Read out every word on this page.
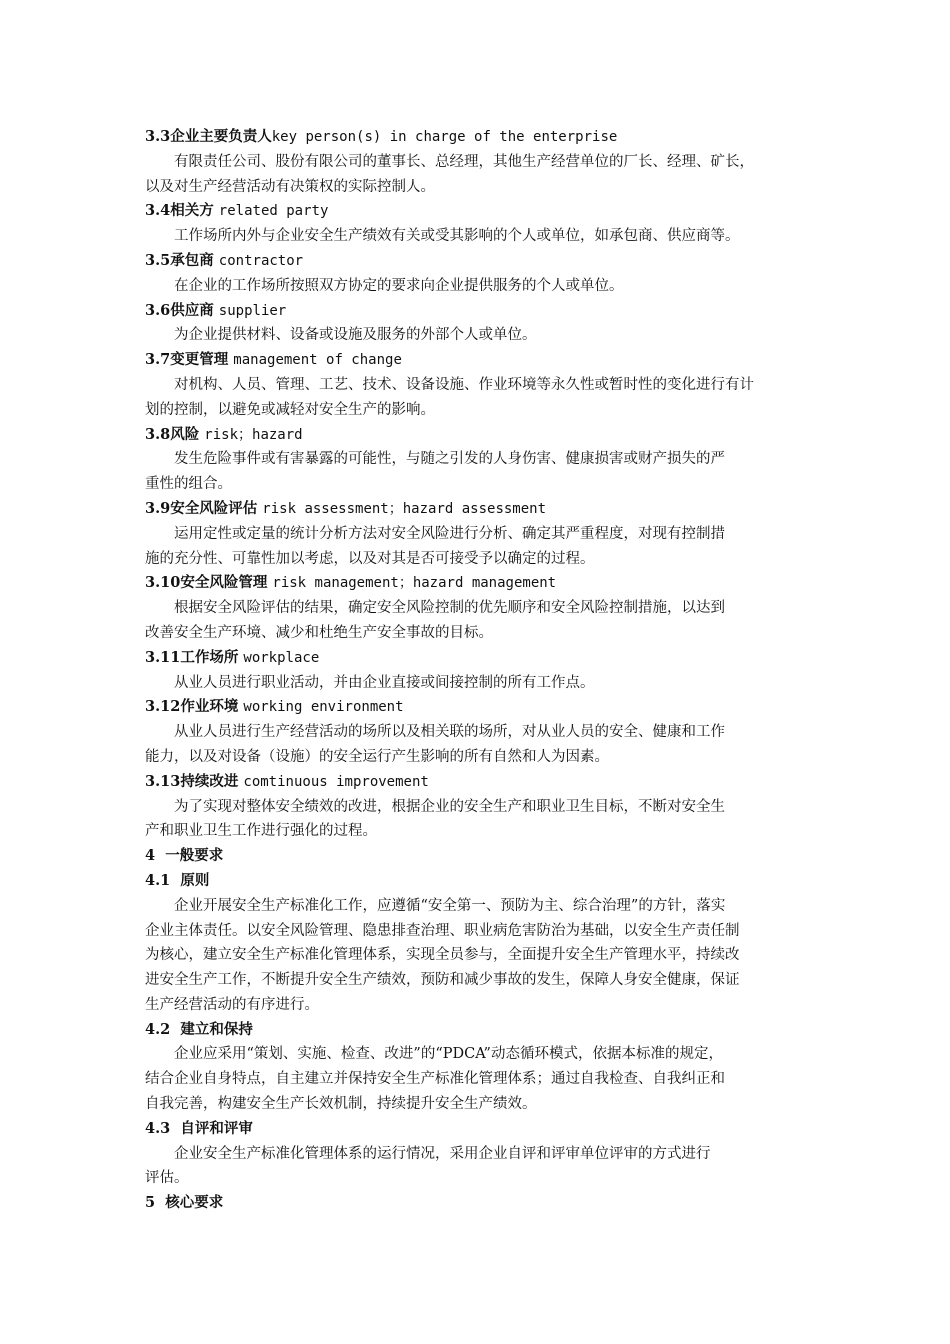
3.3企业主要负责人key person(s) in charge of the enterprise
有限责任公司、股份有限公司的董事长、总经理，其他生产经营单位的厂长、经理、矿长，
以及对生产经营活动有决策权的实际控制人。
3.4相关方 related party
工作场所内外与企业安全生产绩效有关或受其影响的个人或单位，如承包商、供应商等。
3.5承包商 contractor
在企业的工作场所按照双方协定的要求向企业提供服务的个人或单位。
3.6供应商 supplier
为企业提供材料、设备或设施及服务的外部个人或单位。
3.7变更管理 management of change
对机构、人员、管理、工艺、技术、设备设施、作业环境等永久性或暂时性的变化进行有计
划的控制，以避免或减轻对安全生产的影响。
3.8风险 risk；hazard
发生危险事件或有害暴露的可能性，与随之引发的人身伤害、健康损害或财产损失的严
重性的组合。
3.9安全风险评估 risk assessment；hazard assessment
运用定性或定量的统计分析方法对安全风险进行分析、确定其严重程度，对现有控制措
施的充分性、可靠性加以考虑，以及对其是否可接受予以确定的过程。
3.10安全风险管理 risk management；hazard management
根据安全风险评估的结果，确定安全风险控制的优先顺序和安全风险控制措施，以达到
改善安全生产环境、减少和杜绝生产安全事故的目标。
3.11工作场所 workplace
从业人员进行职业活动，并由企业直接或间接控制的所有工作点。
3.12作业环境 working environment
从业人员进行生产经营活动的场所以及相关联的场所，对从业人员的安全、健康和工作
能力，以及对设备（设施）的安全运行产生影响的所有自然和人为因素。
3.13持续改进 comtinuous improvement
为了实现对整体安全绩效的改进，根据企业的安全生产和职业卫生目标，不断对安全生
产和职业卫生工作进行强化的过程。
4 一般要求
4.1 原则
企业开展安全生产标准化工作，应遵循“安全第一、预防为主、综合治理”的方针，落实
企业主体责任。以安全风险管理、隐患排查治理、职业病危害防治为基础，以安全生产责任制
为核心，建立安全生产标准化管理体系，实现全员参与，全面提升安全生产管理水平，持续改
进安全生产工作，不断提升安全生产绩效，预防和减少事故的发生，保障人身安全健康，保证
生产经营活动的有序进行。
4.2 建立和保持
企业应采用“策划、实施、检查、改进”的“PDCA”动态循环模式，依据本标准的规定，
结合企业自身特点，自主建立并保持安全生产标准化管理体系；通过自我检查、自我纠正和
自我完善，构建安全生产长效机制，持续提升安全生产绩效。
4.3 自评和评审
企业安全生产标准化管理体系的运行情况，采用企业自评和评审单位评审的方式进行
评估。
5 核心要求
